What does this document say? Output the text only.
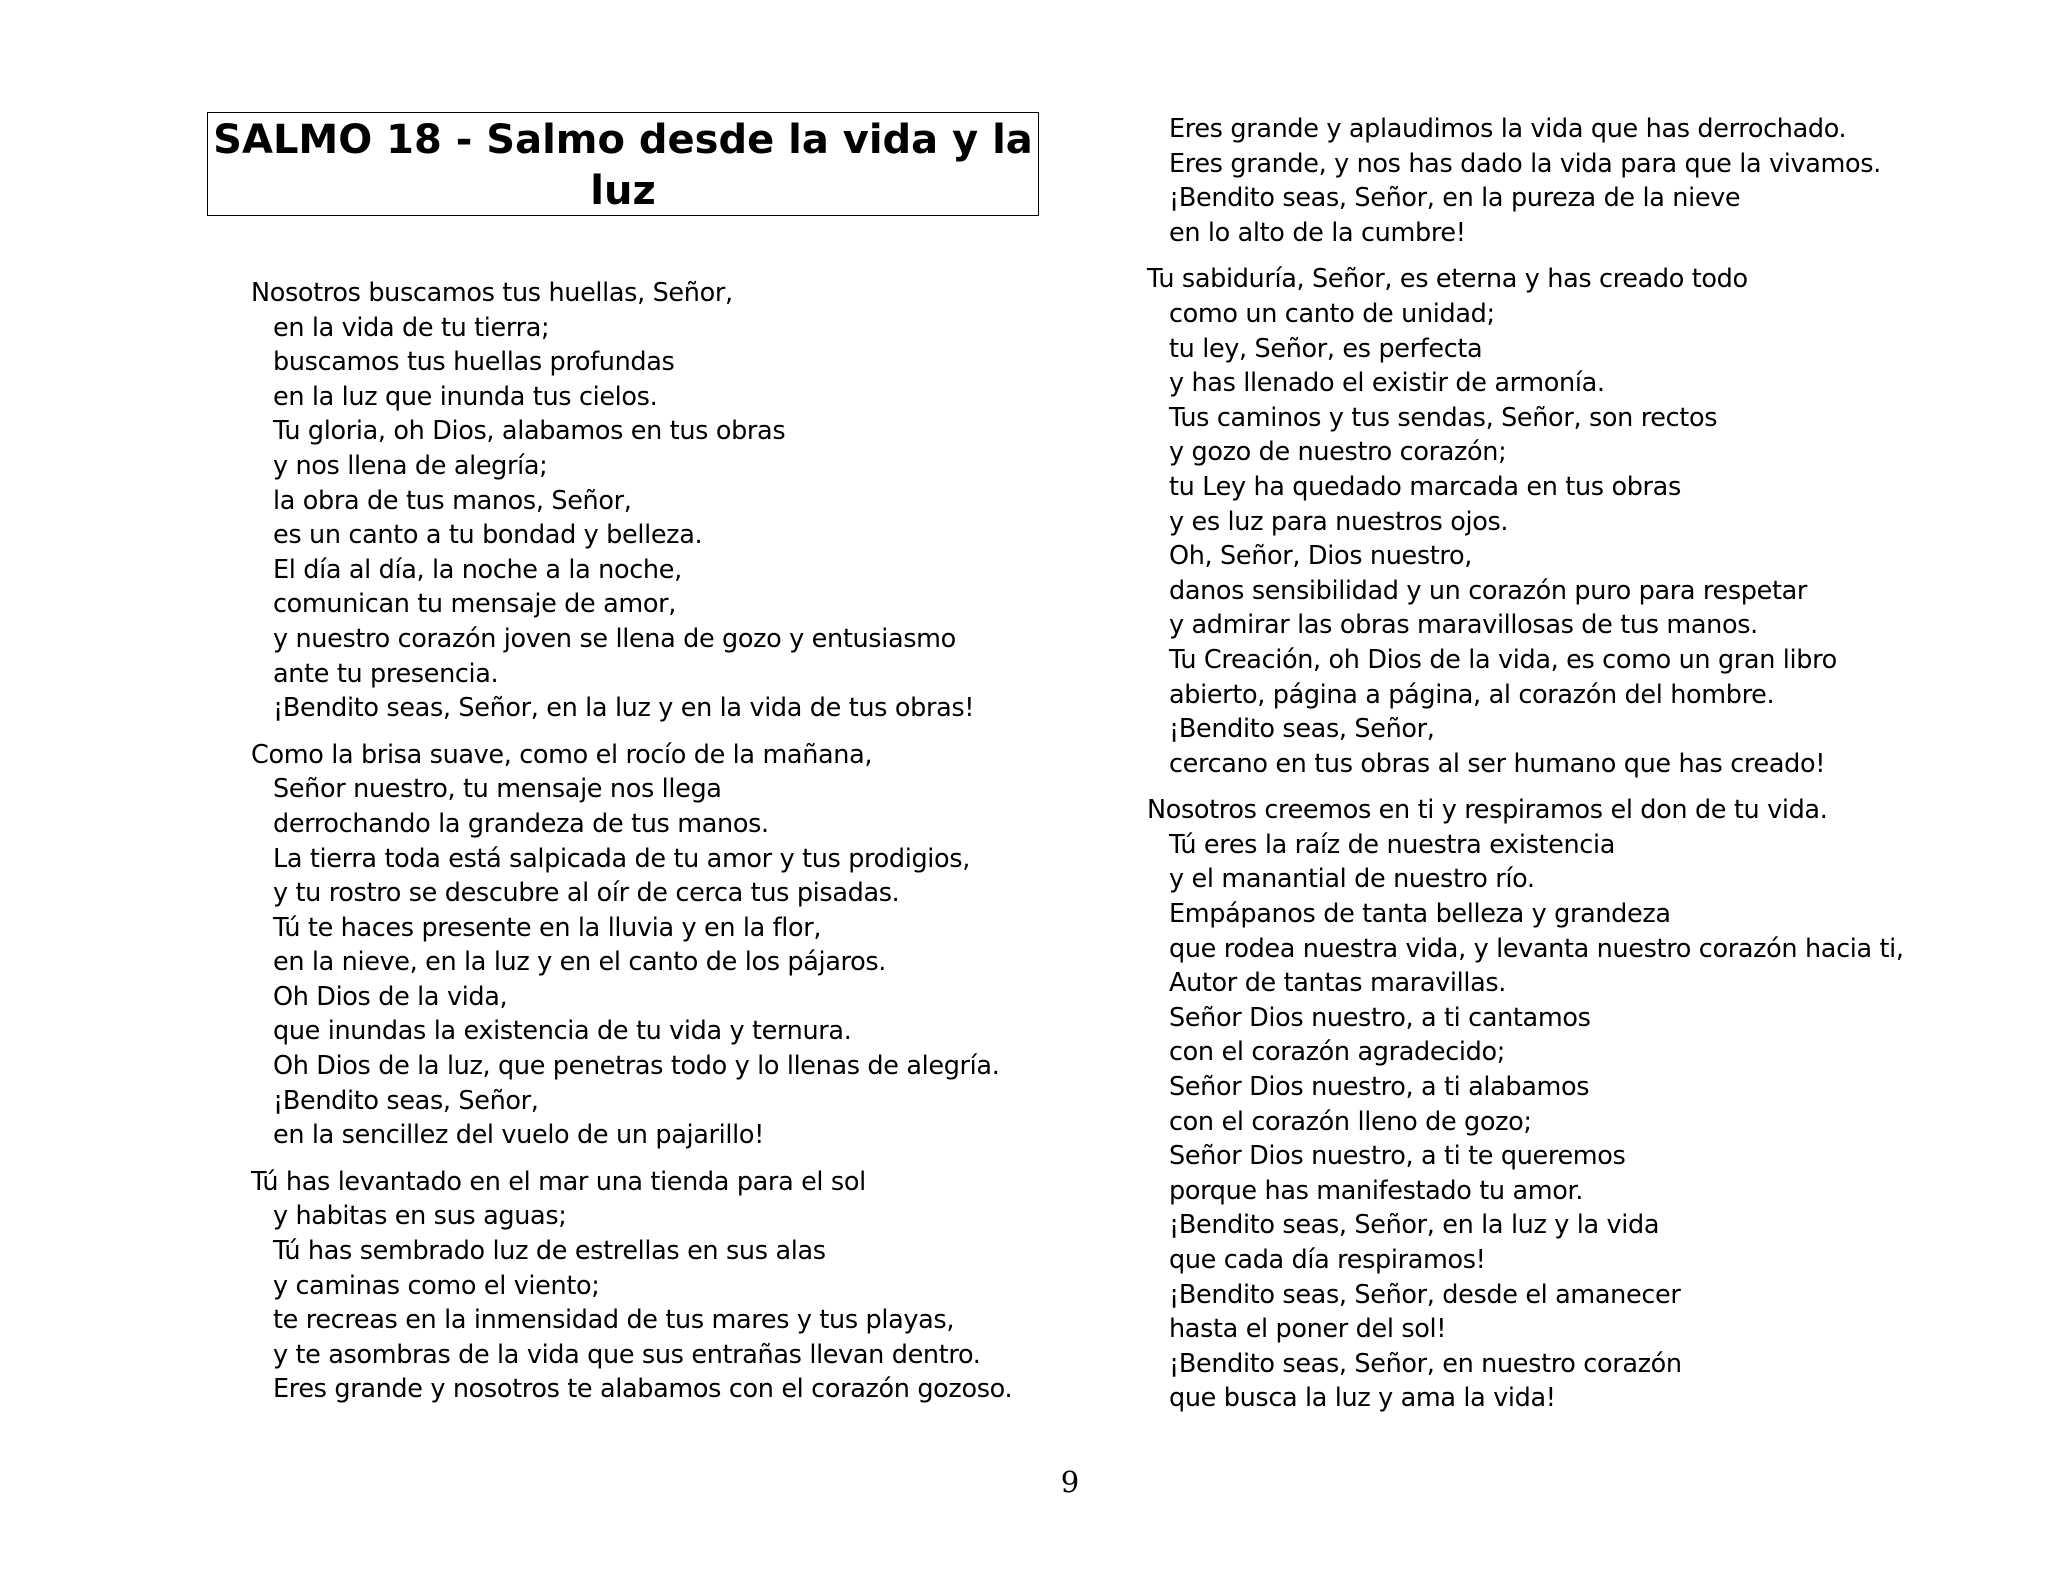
SALMO 18 - Salmo desde la vida y la
luz
Nosotros buscamos tus huellas, Señor,
en la vida de tu tierra;
buscamos tus huellas profundas
en la luz que inunda tus cielos.
Tu gloria, oh Dios, alabamos en tus obras
y nos llena de alegría;
la obra de tus manos, Señor,
es un canto a tu bondad y belleza.
El día al día, la noche a la noche,
comunican tu mensaje de amor,
y nuestro corazón joven se llena de gozo y entusiasmo
ante tu presencia.
¡Bendito seas, Señor, en la luz y en la vida de tus obras!
Como la brisa suave, como el rocío de la mañana,
Señor nuestro, tu mensaje nos llega
derrochando la grandeza de tus manos.
La tierra toda está salpicada de tu amor y tus prodigios,
y tu rostro se descubre al oír de cerca tus pisadas.
Tú te haces presente en la lluvia y en la flor,
en la nieve, en la luz y en el canto de los pájaros.
Oh Dios de la vida,
que inundas la existencia de tu vida y ternura.
Oh Dios de la luz, que penetras todo y lo llenas de alegría.
¡Bendito seas, Señor,
en la sencillez del vuelo de un pajarillo!
Tú has levantado en el mar una tienda para el sol
y habitas en sus aguas;
Tú has sembrado luz de estrellas en sus alas
y caminas como el viento;
te recreas en la inmensidad de tus mares y tus playas,
y te asombras de la vida que sus entrañas llevan dentro.
Eres grande y nosotros te alabamos con el corazón gozoso.
Eres grande y aplaudimos la vida que has derrochado.
Eres grande, y nos has dado la vida para que la vivamos.
¡Bendito seas, Señor, en la pureza de la nieve
en lo alto de la cumbre!
Tu sabiduría, Señor, es eterna y has creado todo
como un canto de unidad;
tu ley, Señor, es perfecta
y has llenado el existir de armonía.
Tus caminos y tus sendas, Señor, son rectos
y gozo de nuestro corazón;
tu Ley ha quedado marcada en tus obras
y es luz para nuestros ojos.
Oh, Señor, Dios nuestro,
danos sensibilidad y un corazón puro para respetar
y admirar las obras maravillosas de tus manos.
Tu Creación, oh Dios de la vida, es como un gran libro
abierto, página a página, al corazón del hombre.
¡Bendito seas, Señor,
cercano en tus obras al ser humano que has creado!
Nosotros creemos en ti y respiramos el don de tu vida.
Tú eres la raíz de nuestra existencia
y el manantial de nuestro río.
Empápanos de tanta belleza y grandeza
que rodea nuestra vida, y levanta nuestro corazón hacia ti,
Autor de tantas maravillas.
Señor Dios nuestro, a ti cantamos
con el corazón agradecido;
Señor Dios nuestro, a ti alabamos
con el corazón lleno de gozo;
Señor Dios nuestro, a ti te queremos
porque has manifestado tu amor.
¡Bendito seas, Señor, en la luz y la vida
que cada día respiramos!
¡Bendito seas, Señor, desde el amanecer
hasta el poner del sol!
¡Bendito seas, Señor, en nuestro corazón
que busca la luz y ama la vida!
9
